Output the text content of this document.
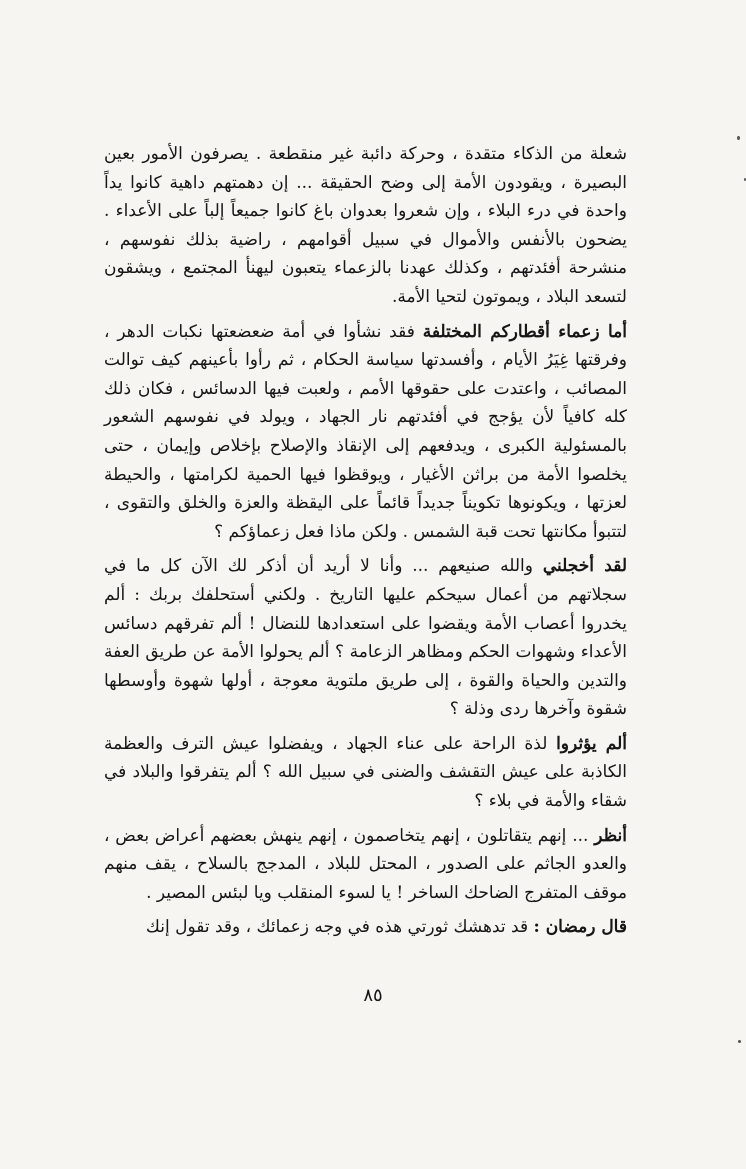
شعلة من الذكاء متقدة ، وحركة دائبة غير منقطعة . يصرفون الأمور بعين البصيرة ، ويقودون الأمة إلى وضح الحقيقة ... إن دهمتهم داهية كانوا يداً واحدة في درء البلاء ، وإن شعروا بعدوان باغ كانوا جميعاً إلباً على الأعداء . يضحون بالأنفس والأموال في سبيل أقوامهم ، راضية بذلك نفوسهم ، منشرحة أفئدتهم ، وكذلك عهدنا بالزعماء يتعبون ليهنأ المجتمع ، ويشقون لتسعد البلاد ، ويموتون لتحيا الأمة.

أما زعماء أقطاركم المختلفة فقد نشأوا في أمة ضعضعتها نكبات الدهر ، وفرقتها غِيَرُ الأيام ، وأفسدتها سياسة الحكام ، ثم رأوا بأعينهم كيف توالت المصائب ، واعتدت على حقوقها الأمم ، ولعبت فيها الدسائس ، فكان ذلك كله كافياً لأن يؤجج في أفئدتهم نار الجهاد ، ويولد في نفوسهم الشعور بالمسئولية الكبرى ، ويدفعهم إلى الإنقاذ والإصلاح بإخلاص وإيمان ، حتى يخلصوا الأمة من براثن الأغيار ، ويوقظوا فيها الحمية لكرامتها ، والحيطة لعزتها ، ويكونوها تكويناً جديداً قائماً على اليقظة والعزة والخلق والتقوى ، لتتبوأ مكانتها تحت قبة الشمس . ولكن ماذا فعل زعماؤكم ؟

لقد أخجلني والله صنيعهم ... وأنا لا أريد أن أذكر لك الآن كل ما في سجلاتهم من أعمال سيحكم عليها التاريخ . ولكني أستحلفك بربك : ألم يخدروا أعصاب الأمة ويقضوا على استعدادها للنضال ! ألم تفرقهم دسائس الأعداء وشهوات الحكم ومظاهر الزعامة ؟ ألم يحولوا الأمة عن طريق العفة والتدين والحياة والقوة ، إلى طريق ملتوية معوجة ، أولها شهوة وأوسطها شقوة وآخرها ردى وذلة ؟

ألم يؤثروا لذة الراحة على عناء الجهاد ، ويفضلوا عيش الترف والعظمة الكاذبة على عيش التقشف والضنى في سبيل الله ؟ ألم يتفرقوا والبلاد في شقاء والأمة في بلاء ؟

أنظر ... إنهم يتقاتلون ، إنهم يتخاصمون ، إنهم ينهش بعضهم أعراض بعض ، والعدو الجاثم على الصدور ، المحتل للبلاد ، المدجج بالسلاح ، يقف منهم موقف المتفرج الضاحك الساخر ! يا لسوء المنقلب ويا لبئس المصير .

قال رمضان : قد تدهشك ثورتي هذه في وجه زعمائك ، وقد تقول إنك

٨٥
